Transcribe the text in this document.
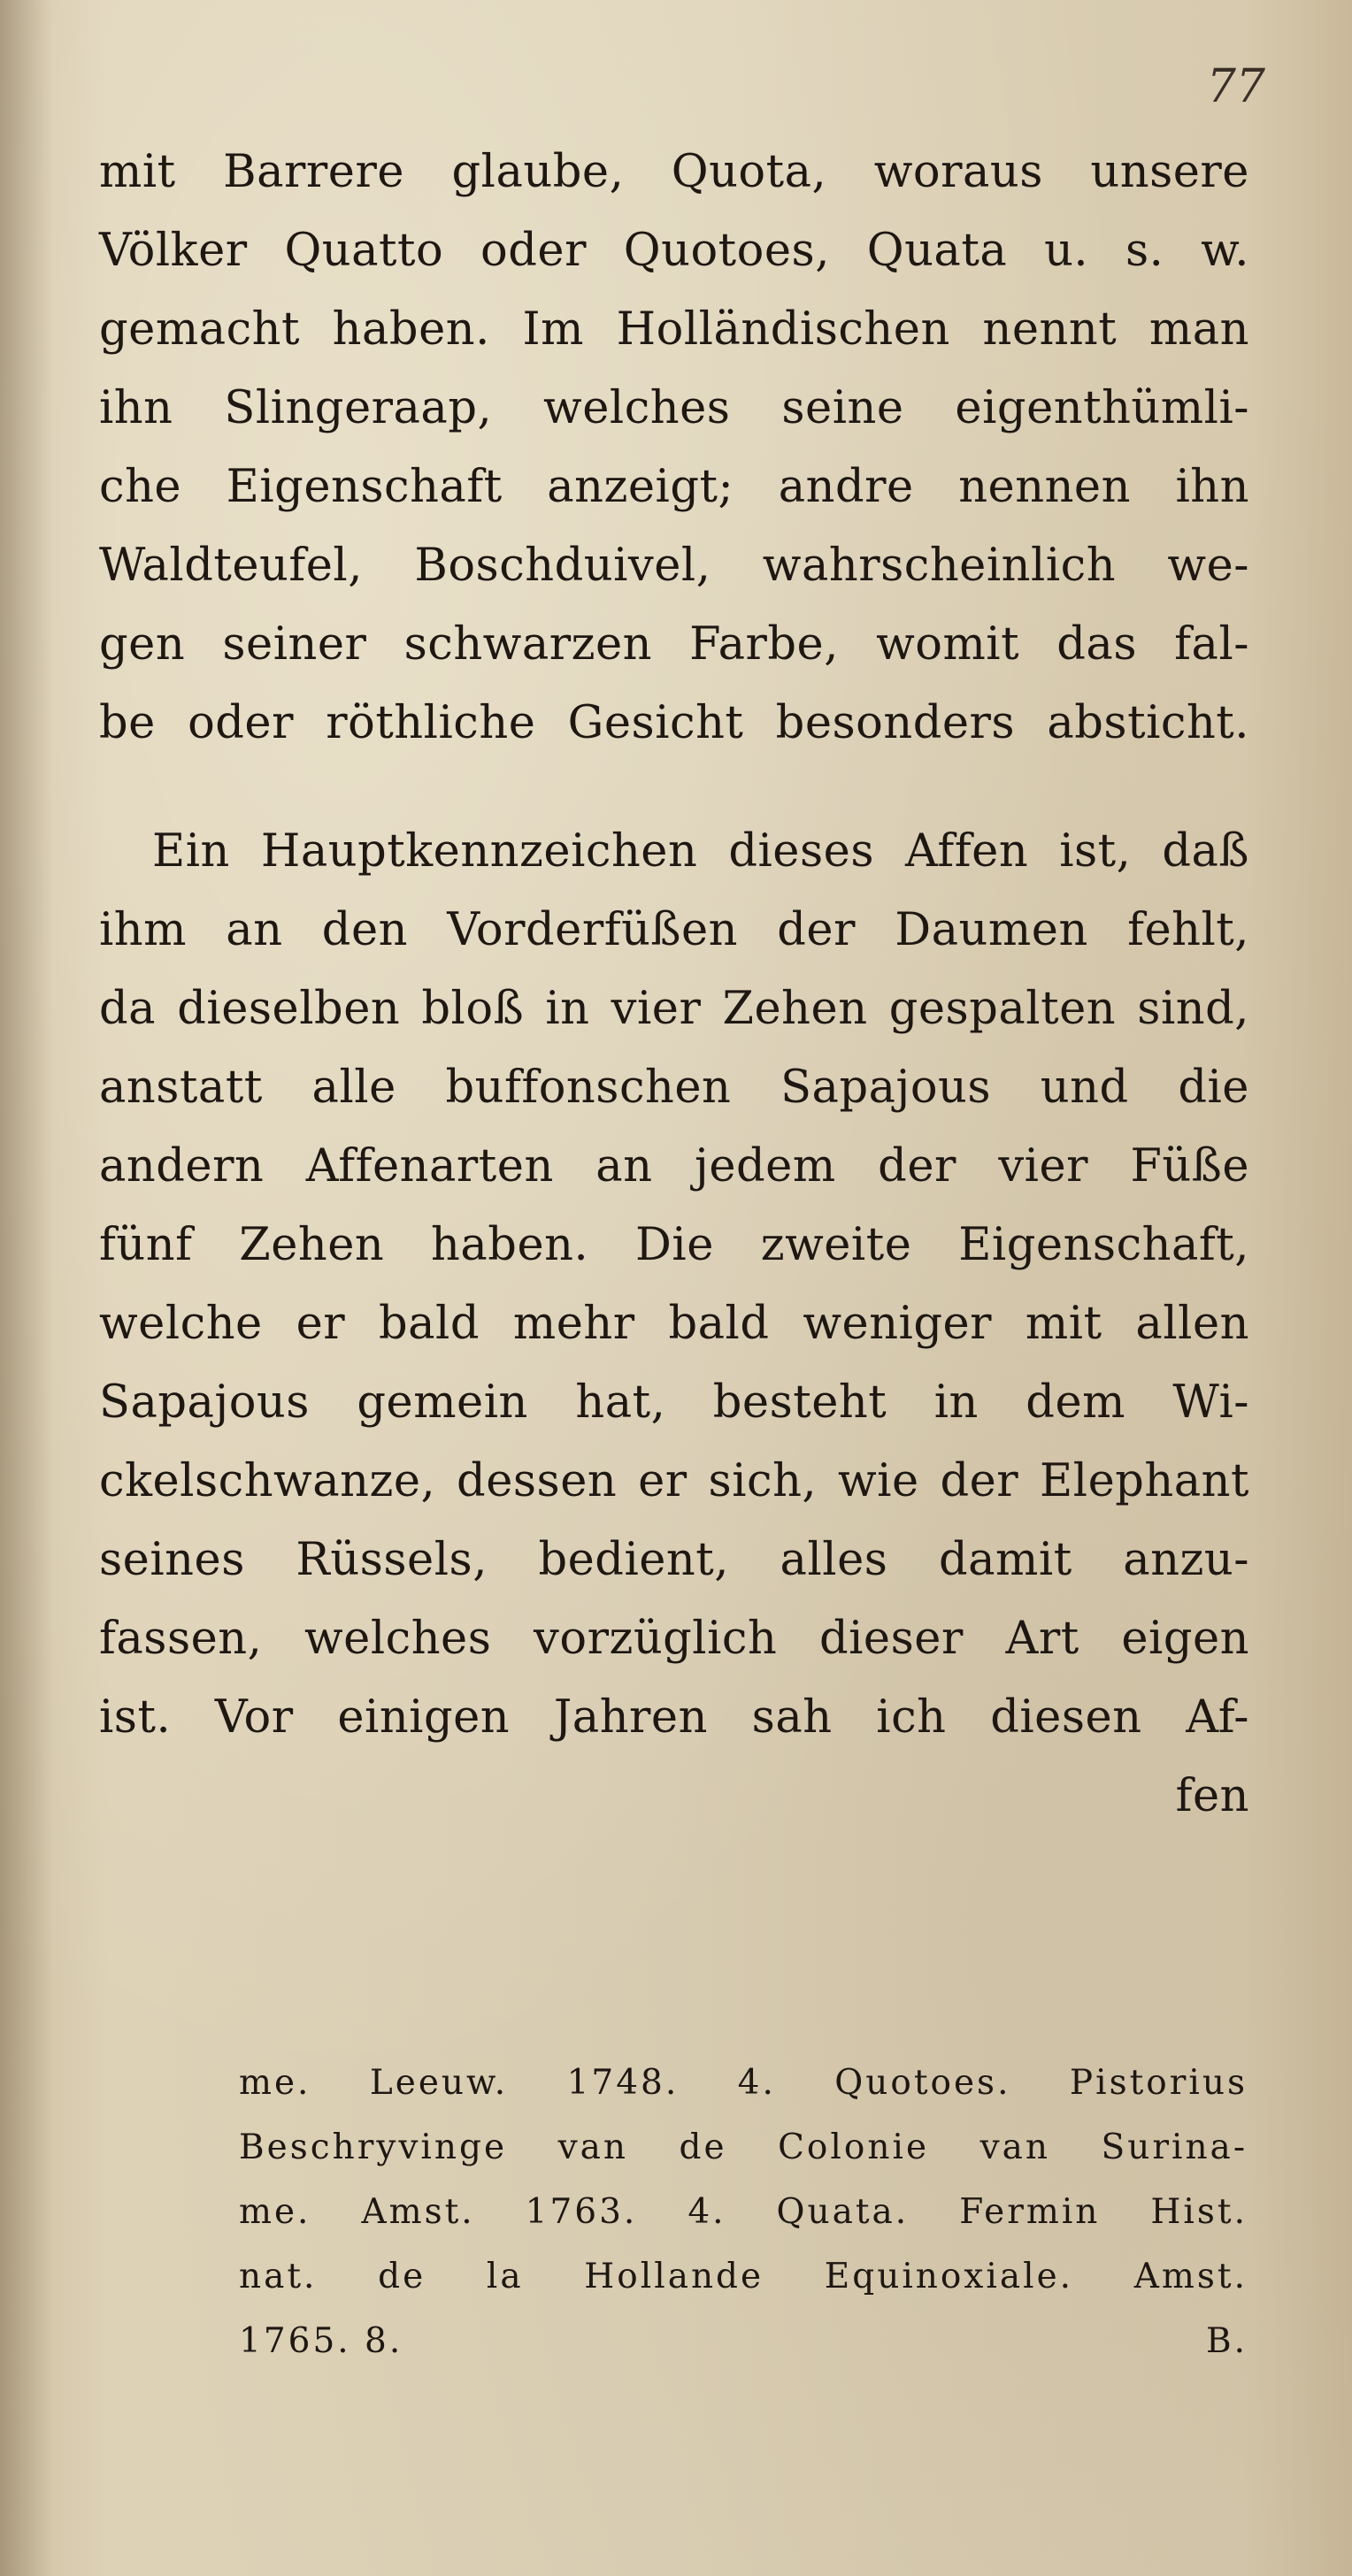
77
mit Barrere glaube, Quota, woraus unsere
Völker Quatto oder Quotoes, Quata u. s. w.
gemacht haben. Im Holländischen nennt man
ihn Slingeraap, welches seine eigenthümli-
che Eigenschaft anzeigt; andre nennen ihn
Waldteufel, Boschduivel, wahrscheinlich we-
gen seiner schwarzen Farbe, womit das fal-
be oder röthliche Gesicht besonders absticht.
Ein Hauptkennzeichen dieses Affen ist, daß
ihm an den Vorderfüßen der Daumen fehlt,
da dieselben bloß in vier Zehen gespalten sind,
anstatt alle buffonschen Sapajous und die
andern Affenarten an jedem der vier Füße
fünf Zehen haben. Die zweite Eigenschaft,
welche er bald mehr bald weniger mit allen
Sapajous gemein hat, besteht in dem Wi-
ckelschwanze, dessen er sich, wie der Elephant
seines Rüssels, bedient, alles damit anzu-
fassen, welches vorzüglich dieser Art eigen
ist. Vor einigen Jahren sah ich diesen Af-
fen
me. Leeuw. 1748. 4. Quotoes. Pistorius
Beschryvinge van de Colonie van Surina-
me. Amst. 1763. 4. Quata. Fermin Hist.
nat. de la Hollande Equinoxiale. Amst.
1765. 8.	B.
